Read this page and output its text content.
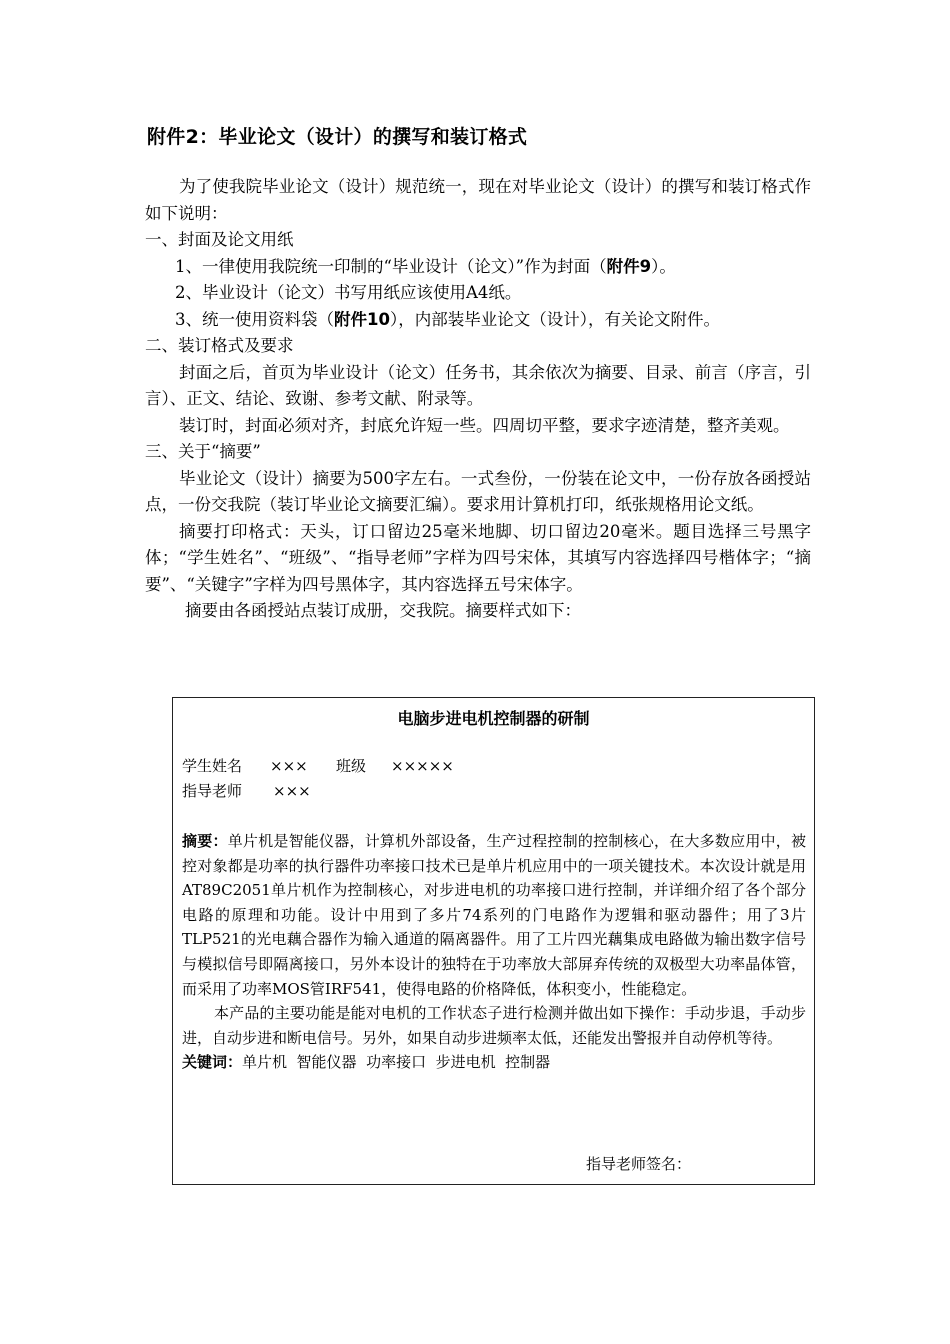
附件2：毕业论文（设计）的撰写和装订格式

为了使我院毕业论文（设计）规范统一，现在对毕业论文（设计）的撰写和装订格式作如下说明：

一、封面及论文用纸

1、一律使用我院统一印制的“毕业设计（论文）”作为封面（附件9）。

2、毕业设计（论文）书写用纸应该使用A4纸。

3、统一使用资料袋（附件10），内部装毕业论文（设计），有关论文附件。

二、装订格式及要求

封面之后，首页为毕业设计（论文）任务书，其余依次为摘要、目录、前言（序言，引言）、正文、结论、致谢、参考文献、附录等。

装订时，封面必须对齐，封底允许短一些。四周切平整，要求字迹清楚，整齐美观。

三、关于“摘要”

毕业论文（设计）摘要为500字左右。一式叁份，一份装在论文中，一份存放各函授站点，一份交我院（装订毕业论文摘要汇编）。要求用计算机打印，纸张规格用论文纸。

摘要打印格式：天头，订口留边25毫米地脚、切口留边20毫米。题目选择三号黑字体；“学生姓名”、“班级”、“指导老师”字样为四号宋体，其填写内容选择四号楷体字；“摘要”、“关键字”字样为四号黑体字，其内容选择五号宋体字。

摘要由各函授站点装订成册，交我院。摘要样式如下：

电脑步进电机控制器的研制
学生姓名 ××× 班级 ×××××
指导老师 ×××

摘要：单片机是智能仪器，计算机外部设备，生产过程控制的控制核心，在大多数应用中，被控对象都是功率的执行器件功率接口技术已是单片机应用中的一项关键技术。本次设计就是用AT89C2051单片机作为控制核心，对步进电机的功率接口进行控制，并详细介绍了各个部分电路的原理和功能。设计中用到了多片74系列的门电路作为逻辑和驱动器件；用了3片TLP521的光电藕合器作为输入通道的隔离器件。用了工片四光藕集成电路做为输出数字信号与模拟信号即隔离接口，另外本设计的独特在于功率放大部屏弃传统的双极型大功率晶体管，而采用了功率MOS管IRF541，使得电路的价格降低，体积变小，性能稳定。

本产品的主要功能是能对电机的工作状态子进行检测并做出如下操作：手动步退，手动步进，自动步进和断电信号。另外，如果自动步进频率太低，还能发出警报并自动停机等待。

关键词：单片机  智能仪器  功率接口  步进电机  控制器

指导老师签名：
